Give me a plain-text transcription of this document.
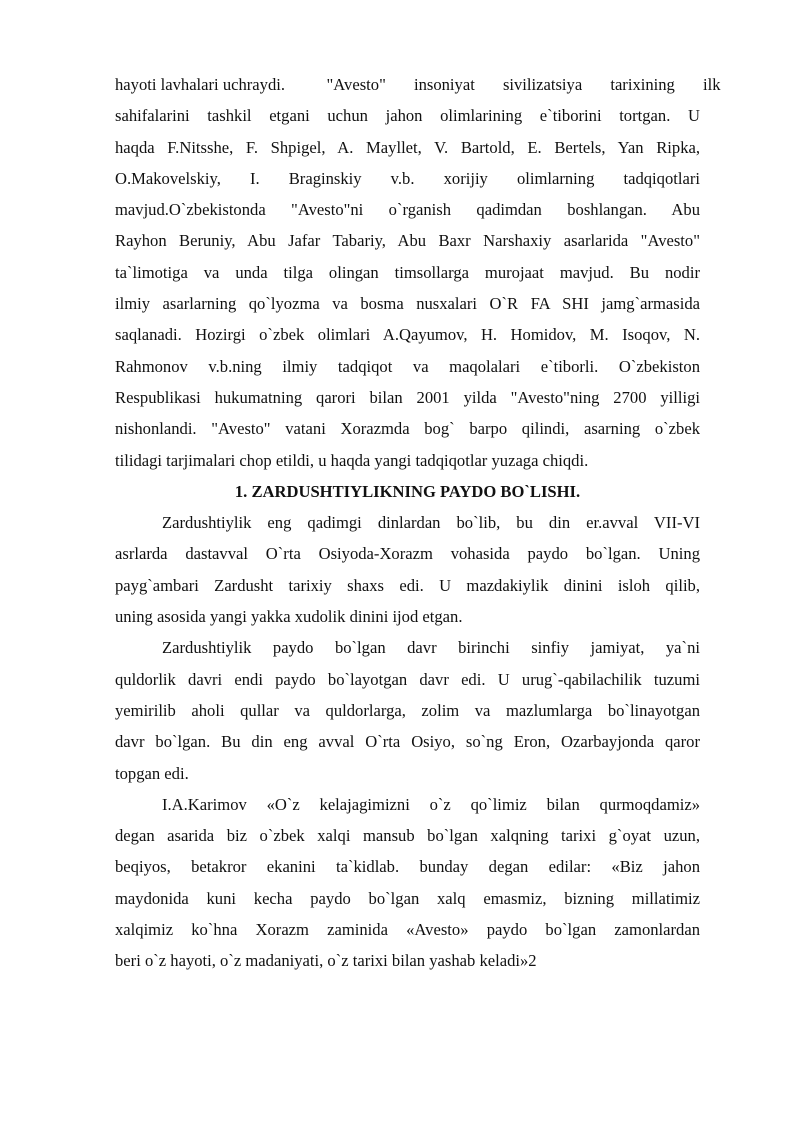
hayoti lavhalari uchraydi.          "Avesto" insoniyat sivilizatsiya tarixining ilk
sahifalarini tashkil etgani uchun jahon olimlarining e`tiborini tortgan. U
haqda F.Nitsshe, F. Shpigel, A. Mayllet, V. Bartold, E. Bertels, Yan Ripka,
O.Makovelskiy, I. Braginskiy v.b. xorijiy olimlarning tadqiqotlari
mavjud.O`zbekistonda "Avesto"ni o`rganish qadimdan boshlangan. Abu
Rayhon Beruniy, Abu Jafar Tabariy, Abu Baxr Narshaxiy asarlarida "Avesto"
ta`limotiga va unda tilga olingan timsollarga murojaat mavjud. Bu nodir
ilmiy asarlarning qo`lyozma va bosma nusxalari O`R FA SHI jamg`armasida
saqlanadi. Hozirgi o`zbek olimlari A.Qayumov, H. Homidov, M. Isoqov, N.
Rahmonov v.b.ning ilmiy tadqiqot va maqolalari e`tiborli. O`zbekiston
Respublikasi hukumatning qarori bilan 2001 yilda "Avesto"ning 2700 yilligi
nishonlandi. "Avesto" vatani Xorazmda bog` barpo qilindi, asarning o`zbek
tilidagi tarjimalari chop etildi, u haqda yangi tadqiqotlar yuzaga chiqdi.
1. ZARDUSHTIYLIKNING PAYDO BO`LISHI.
Zardushtiylik eng qadimgi dinlardan bo`lib, bu din er.avval VII-VI
asrlarda dastavval O`rta Osiyoda-Xorazm vohasida paydo bo`lgan. Uning
payg`ambari Zardusht tarixiy shaxs edi. U mazdakiylik dinini isloh qilib,
uning asosida yangi yakka xudolik dinini ijod etgan.
Zardushtiylik paydo bo`lgan davr birinchi sinfiy jamiyat, ya`ni
quldorlik davri endi paydo bo`layotgan davr edi. U urug`-qabilachilik tuzumi
yemirilib aholi qullar va quldorlarga, zolim va mazlumlarga bo`linayotgan
davr bo`lgan. Bu din eng avval O`rta Osiyo, so`ng Eron, Ozarbayjonda qaror
topgan edi.
I.A.Karimov «O`z kelajagimizni o`z qo`limiz bilan qurmoqdamiz»
degan asarida biz o`zbek xalqi mansub bo`lgan xalqning tarixi g`oyat uzun,
beqiyos, betakror ekanini ta`kidlab. bunday degan edilar: «Biz jahon
maydonida kuni kecha paydo bo`lgan xalq emasmiz, bizning millatimiz
xalqimiz ko`hna Xorazm zaminida «Avesto» paydo bo`lgan zamonlardan
beri o`z hayoti, o`z madaniyati, o`z tarixi bilan yashab keladi»2
